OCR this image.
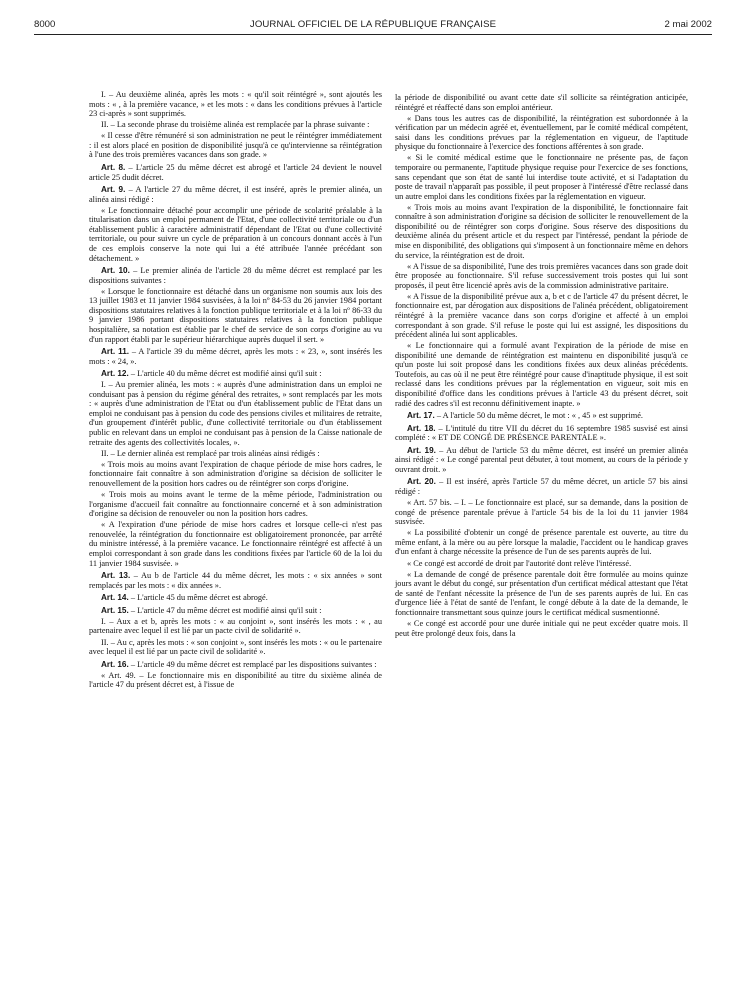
8000	JOURNAL OFFICIEL DE LA RÉPUBLIQUE FRANÇAISE	2 mai 2002

I. – Au deuxième alinéa, après les mots : « qu'il soit réintégré », sont ajoutés les mots : « , à la première vacance, » et les mots : « dans les conditions prévues à l'article 23 ci-après » sont supprimés.

II. – La seconde phrase du troisième alinéa est remplacée par la phrase suivante :

« Il cesse d'être rémunéré si son administration ne peut le réintégrer immédiatement : il est alors placé en position de disponibilité jusqu'à ce qu'intervienne sa réintégration à l'une des trois premières vacances dans son grade. »

Art. 8. – L'article 25 du même décret est abrogé et l'article 24 devient le nouvel article 25 dudit décret.

Art. 9. – A l'article 27 du même décret, il est inséré, après le premier alinéa, un alinéa ainsi rédigé :

« Le fonctionnaire détaché pour accomplir une période de scolarité préalable à la titularisation dans un emploi permanent de l'Etat, d'une collectivité territoriale ou d'un établissement public à caractère administratif dépendant de l'Etat ou d'une collectivité territoriale, ou pour suivre un cycle de préparation à un concours donnant accès à l'un de ces emplois conserve la note qui lui a été attribuée l'année précédant son détachement. »

Art. 10. – Le premier alinéa de l'article 28 du même décret est remplacé par les dispositions suivantes :

« Lorsque le fonctionnaire est détaché dans un organisme non soumis aux lois des 13 juillet 1983 et 11 janvier 1984 susvisées, à la loi nº 84-53 du 26 janvier 1984 portant dispositions statutaires relatives à la fonction publique territoriale et à la loi nº 86-33 du 9 janvier 1986 portant dispositions statutaires relatives à la fonction publique hospitalière, sa notation est établie par le chef de service de son corps d'origine au vu d'un rapport établi par le supérieur hiérarchique auprès duquel il sert. »

Art. 11. – A l'article 39 du même décret, après les mots : « 23, », sont insérés les mots : « 24, ».

Art. 12. – L'article 40 du même décret est modifié ainsi qu'il suit :

I. – Au premier alinéa, les mots : « auprès d'une administration dans un emploi ne conduisant pas à pension du régime général des retraites, » sont remplacés par les mots : « auprès d'une administration de l'Etat ou d'un établissement public de l'Etat dans un emploi ne conduisant pas à pension du code des pensions civiles et militaires de retraite, d'un groupement d'intérêt public, d'une collectivité territoriale ou d'un établissement public en relevant dans un emploi ne conduisant pas à pension de la Caisse nationale de retraite des agents des collectivités locales, ».

II. – Le dernier alinéa est remplacé par trois alinéas ainsi rédigés :

« Trois mois au moins avant l'expiration de chaque période de mise hors cadres, le fonctionnaire fait connaître à son administration d'origine sa décision de solliciter le renouvellement de la position hors cadres ou de réintégrer son corps d'origine.

« Trois mois au moins avant le terme de la même période, l'administration ou l'organisme d'accueil fait connaître au fonctionnaire concerné et à son administration d'origine sa décision de renouveler ou non la position hors cadres.

« A l'expiration d'une période de mise hors cadres et lorsque celle-ci n'est pas renouvelée, la réintégration du fonctionnaire est obligatoirement prononcée, par arrêté du ministre intéressé, à la première vacance. Le fonctionnaire réintégré est affecté à un emploi correspondant à son grade dans les conditions fixées par l'article 60 de la loi du 11 janvier 1984 susvisée. »

Art. 13. – Au b de l'article 44 du même décret, les mots : « six années » sont remplacés par les mots : « dix années ».

Art. 14. – L'article 45 du même décret est abrogé.

Art. 15. – L'article 47 du même décret est modifié ainsi qu'il suit :

I. – Aux a et b, après les mots : « au conjoint », sont insérés les mots : « , au partenaire avec lequel il est lié par un pacte civil de solidarité ».

II. – Au c, après les mots : « son conjoint », sont insérés les mots : « ou le partenaire avec lequel il est lié par un pacte civil de solidarité ».

Art. 16. – L'article 49 du même décret est remplacé par les dispositions suivantes :

« Art. 49. – Le fonctionnaire mis en disponibilité au titre du sixième alinéa de l'article 47 du présent décret est, à l'issue de

la période de disponibilité ou avant cette date s'il sollicite sa réintégration anticipée, réintégré et réaffecté dans son emploi antérieur.

« Dans tous les autres cas de disponibilité, la réintégration est subordonnée à la vérification par un médecin agréé et, éventuellement, par le comité médical compétent, saisi dans les conditions prévues par la réglementation en vigueur, de l'aptitude physique du fonctionnaire à l'exercice des fonctions afférentes à son grade.

« Si le comité médical estime que le fonctionnaire ne présente pas, de façon temporaire ou permanente, l'aptitude physique requise pour l'exercice de ses fonctions, sans cependant que son état de santé lui interdise toute activité, et si l'adaptation du poste de travail n'apparaît pas possible, il peut proposer à l'intéressé d'être reclassé dans un autre emploi dans les conditions fixées par la réglementation en vigueur.

« Trois mois au moins avant l'expiration de la disponibilité, le fonctionnaire fait connaître à son administration d'origine sa décision de solliciter le renouvellement de la disponibilité ou de réintégrer son corps d'origine. Sous réserve des dispositions du deuxième alinéa du présent article et du respect par l'intéressé, pendant la période de mise en disponibilité, des obligations qui s'imposent à un fonctionnaire même en dehors du service, la réintégration est de droit.

« A l'issue de sa disponibilité, l'une des trois premières vacances dans son grade doit être proposée au fonctionnaire. S'il refuse successivement trois postes qui lui sont proposés, il peut être licencié après avis de la commission administrative paritaire.

« A l'issue de la disponibilité prévue aux a, b et c de l'article 47 du présent décret, le fonctionnaire est, par dérogation aux dispositions de l'alinéa précédent, obligatoirement réintégré à la première vacance dans son corps d'origine et affecté à un emploi correspondant à son grade. S'il refuse le poste qui lui est assigné, les dispositions du précédent alinéa lui sont applicables.

« Le fonctionnaire qui a formulé avant l'expiration de la période de mise en disponibilité une demande de réintégration est maintenu en disponibilité jusqu'à ce qu'un poste lui soit proposé dans les conditions fixées aux deux alinéas précédents. Toutefois, au cas où il ne peut être réintégré pour cause d'inaptitude physique, il est soit reclassé dans les conditions prévues par la réglementation en vigueur, soit mis en disponibilité d'office dans les conditions prévues à l'article 43 du présent décret, soit radié des cadres s'il est reconnu définitivement inapte. »

Art. 17. – A l'article 50 du même décret, le mot : « , 45 » est supprimé.

Art. 18. – L'intitulé du titre VII du décret du 16 septembre 1985 susvisé est ainsi complété : « ET DE CONGÉ DE PRÉSENCE PARENTALE ».

Art. 19. – Au début de l'article 53 du même décret, est inséré un premier alinéa ainsi rédigé : « Le congé parental peut débuter, à tout moment, au cours de la période y ouvrant droit. »

Art. 20. – Il est inséré, après l'article 57 du même décret, un article 57 bis ainsi rédigé :

« Art. 57 bis. – I. – Le fonctionnaire est placé, sur sa demande, dans la position de congé de présence parentale prévue à l'article 54 bis de la loi du 11 janvier 1984 susvisée.

« La possibilité d'obtenir un congé de présence parentale est ouverte, au titre du même enfant, à la mère ou au père lorsque la maladie, l'accident ou le handicap graves d'un enfant à charge nécessite la présence de l'un de ses parents auprès de lui.

« Ce congé est accordé de droit par l'autorité dont relève l'intéressé.

« La demande de congé de présence parentale doit être formulée au moins quinze jours avant le début du congé, sur présentation d'un certificat médical attestant que l'état de santé de l'enfant nécessite la présence de l'un de ses parents auprès de lui. En cas d'urgence liée à l'état de santé de l'enfant, le congé débute à la date de la demande, le fonctionnaire transmettant sous quinze jours le certificat médical susmentionné.

« Ce congé est accordé pour une durée initiale qui ne peut excéder quatre mois. Il peut être prolongé deux fois, dans la
